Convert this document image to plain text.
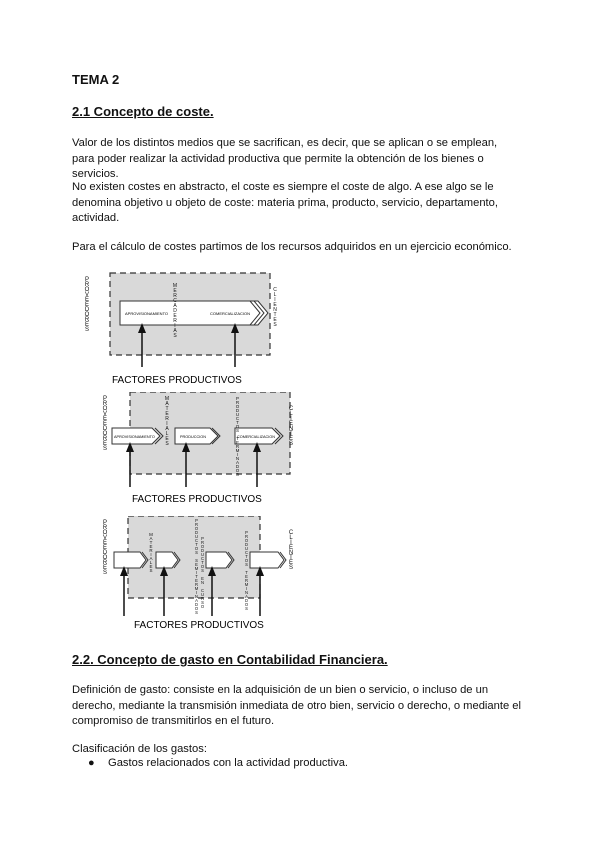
TEMA 2
2.1 Concepto de coste.
Valor de los distintos medios que se sacrifican, es decir, que se aplican o se emplean, para poder realizar la actividad productiva que permite la obtención de los bienes o servicios.
No existen costes en abstracto, el coste es siempre el coste de algo. A ese algo se le denomina objetivo u objeto de coste: materia prima, producto, servicio, departamento, actividad.
Para el cálculo de costes partimos de los recursos adquiridos en un ejercicio económico.
APROVISIONAMIENTO	COMERCIALIZACION
FACTORES PRODUCTIVOS
PROVEEDORES	MERCADERIAS	CLIENTES
APROVISIONAMIENTO	PRODUCCION	COMERCIALIZACION
FACTORES PRODUCTIVOS
PROVEEDORES	MATERIALES	PRODUCTOS TERMINADOS	CLIENTES
FACTORES PRODUCTIVOS
PROVEEDORES	MATERIALES	PRODUCTOS SEMITERMINADOS PRODUCTOS EN CURSO	PRODUCTOS TERMINADOS	CLIENTES
2.2. Concepto de gasto en Contabilidad Financiera.
Definición de gasto: consiste en la adquisición de un bien o servicio, o incluso de un derecho, mediante la transmisión inmediata de otro bien, servicio o derecho, o mediante el compromiso de transmitirlos en el futuro.
Clasificación de los gastos:
● Gastos relacionados con la actividad productiva.
